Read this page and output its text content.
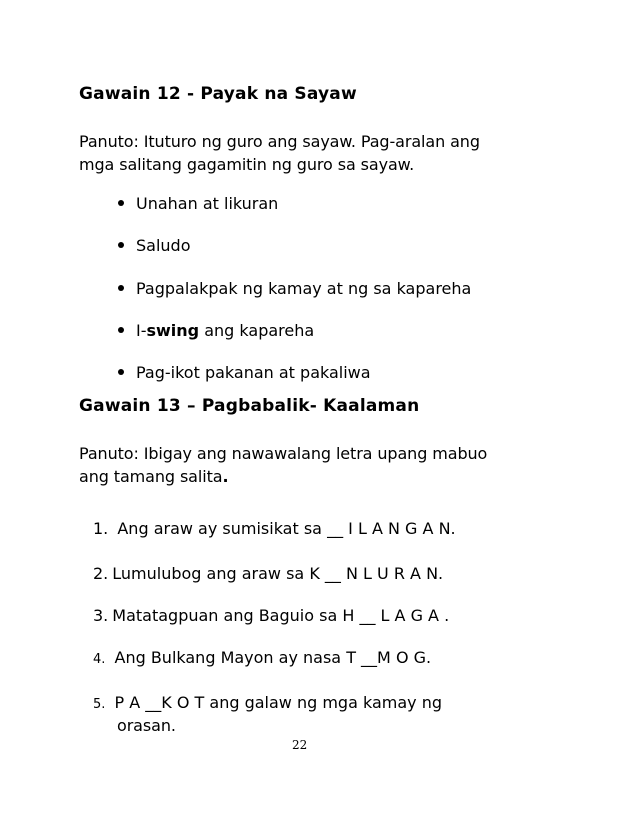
Gawain 12 - Payak na Sayaw
Panuto: Ituturo ng guro ang sayaw. Pag-aralan ang
mga salitang gagamitin ng guro sa sayaw.
Unahan at likuran
Saludo
Pagpalakpak ng kamay at ng sa kapareha
I-swing ang kapareha
Pag-ikot pakanan at pakaliwa
Gawain 13 – Pagbabalik- Kaalaman
Panuto: Ibigay ang nawawalang letra upang mabuo
ang tamang salita.
1. Ang araw ay sumisikat sa __ I L A N G A N.
2. Lumulubog ang araw sa K __ N L U R A N.
3. Matatagpuan ang Baguio sa H __ L A G A .
4. Ang Bulkang Mayon ay nasa T __M O G.
5. P A __K O T ang galaw ng mga kamay ng
orasan.
22
